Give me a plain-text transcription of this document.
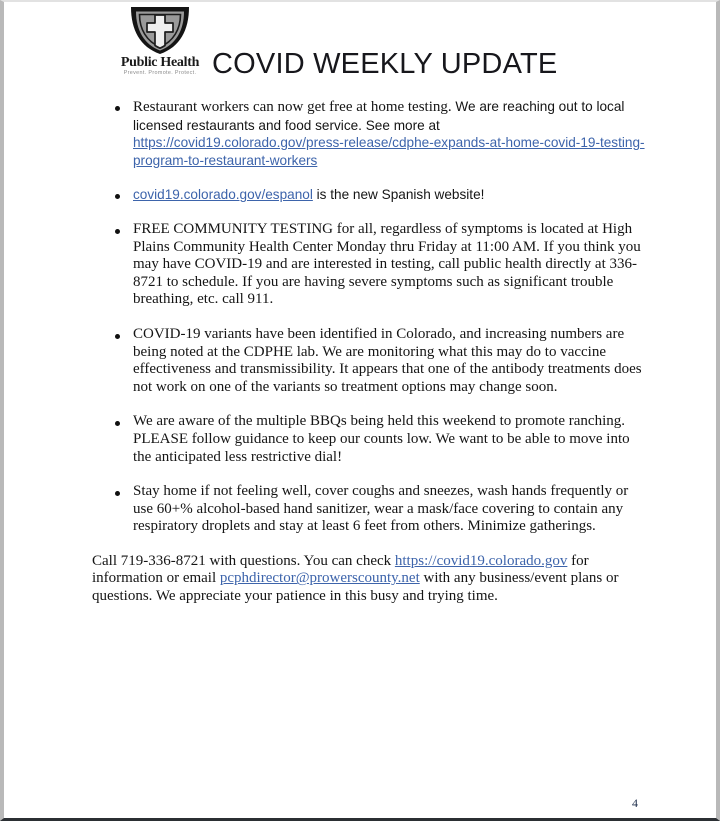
Public Health
Prevent. Promote. Protect. COVID WEEKLY UPDATE
Restaurant workers can now get free at home testing. We are reaching out to local licensed restaurants and food service. See more at https://covid19.colorado.gov/press-release/cdphe-expands-at-home-covid-19-testing-program-to-restaurant-workers
covid19.colorado.gov/espanol is the new Spanish website!
FREE COMMUNITY TESTING for all, regardless of symptoms is located at High Plains Community Health Center Monday thru Friday at 11:00 AM. If you think you may have COVID-19 and are interested in testing, call public health directly at 336-8721 to schedule. If you are having severe symptoms such as significant trouble breathing, etc. call 911.
COVID-19 variants have been identified in Colorado, and increasing numbers are being noted at the CDPHE lab. We are monitoring what this may do to vaccine effectiveness and transmissibility. It appears that one of the antibody treatments does not work on one of the variants so treatment options may change soon.
We are aware of the multiple BBQs being held this weekend to promote ranching. PLEASE follow guidance to keep our counts low. We want to be able to move into the anticipated less restrictive dial!
Stay home if not feeling well, cover coughs and sneezes, wash hands frequently or use 60+% alcohol-based hand sanitizer, wear a mask/face covering to contain any respiratory droplets and stay at least 6 feet from others. Minimize gatherings.
Call 719-336-8721 with questions. You can check https://covid19.colorado.gov for information or email pcphdirector@prowerscounty.net with any business/event plans or questions. We appreciate your patience in this busy and trying time.
4
